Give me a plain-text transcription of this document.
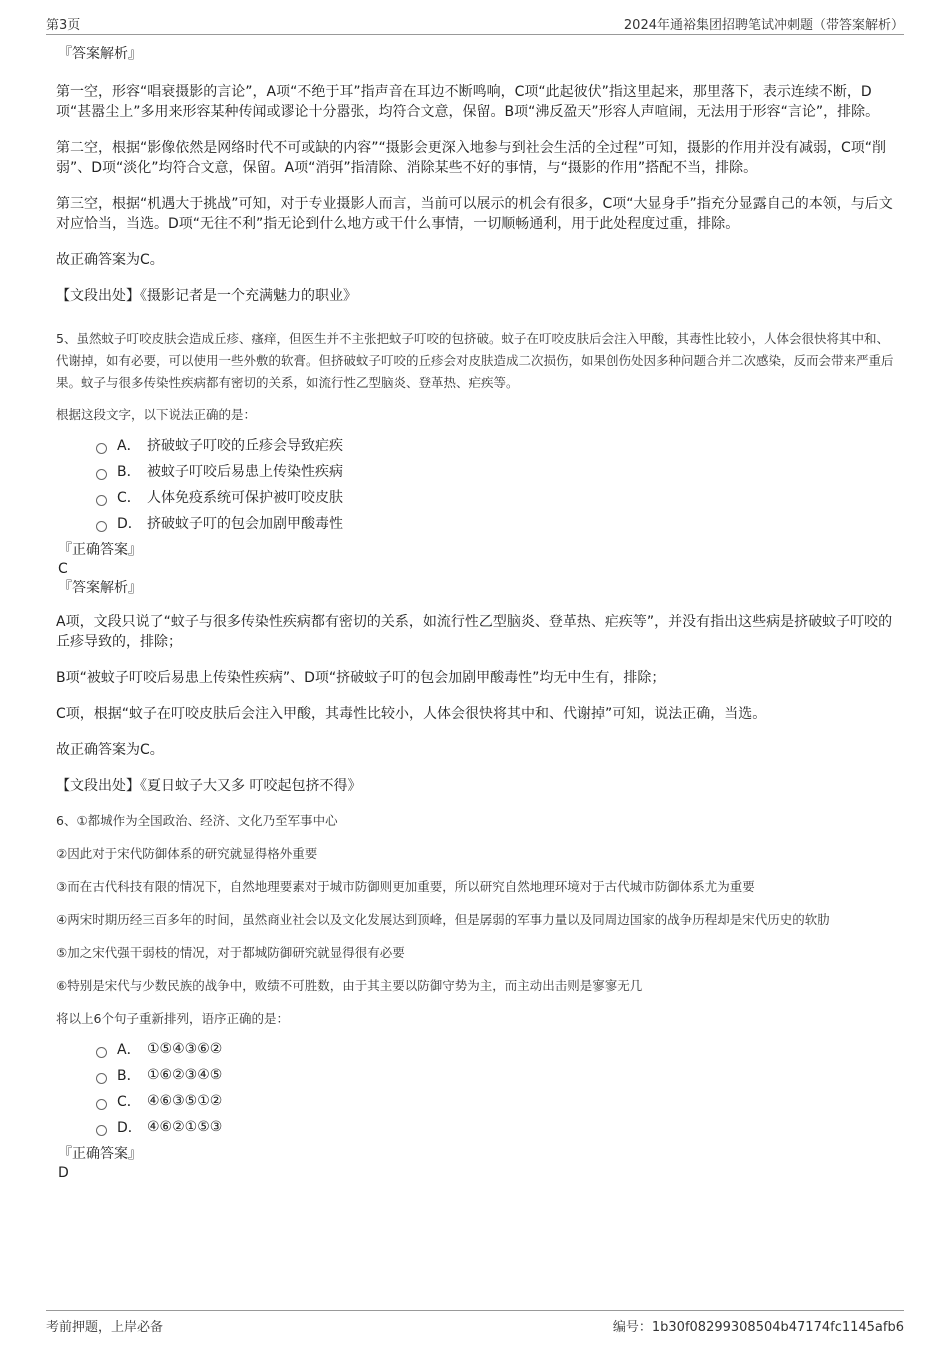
第3页	2024年通裕集团招聘笔试冲刺题（带答案解析）
『答案解析』

第一空，形容“唱衰摄影的言论”，A项“不绝于耳”指声音在耳边不断鸣响，C项“此起彼伏”指这里起来，那里落下，表示连续不断，D项“甚嚣尘上”多用来形容某种传闻或谬论十分嚣张，均符合文意，保留。B项“沸反盈天”形容人声喧闹，无法用于形容“言论”，排除。

第二空，根据“影像依然是网络时代不可或缺的内容”“摄影会更深入地参与到社会生活的全过程”可知，摄影的作用并没有减弱，C项“削弱”、D项“淡化”均符合文意，保留。A项“消弭”指清除、消除某些不好的事情，与“摄影的作用”搭配不当，排除。

第三空，根据“机遇大于挑战”可知，对于专业摄影人而言，当前可以展示的机会有很多，C项“大显身手”指充分显露自己的本领，与后文对应恰当，当选。D项“无往不利”指无论到什么地方或干什么事情，一切顺畅通利，用于此处程度过重，排除。

故正确答案为C。

【文段出处】《摄影记者是一个充满魅力的职业》

5、虽然蚊子叮咬皮肤会造成丘疹、瘙痒，但医生并不主张把蚊子叮咬的包挤破。蚊子在叮咬皮肤后会注入甲酸，其毒性比较小，人体会很快将其中和、代谢掉，如有必要，可以使用一些外敷的软膏。但挤破蚊子叮咬的丘疹会对皮肤造成二次损伤，如果创伤处因多种问题合并二次感染，反而会带来严重后果。蚊子与很多传染性疾病都有密切的关系，如流行性乙型脑炎、登革热、疟疾等。

根据这段文字，以下说法正确的是：

A． 挤破蚊子叮咬的丘疹会导致疟疾
B． 被蚊子叮咬后易患上传染性疾病
C． 人体免疫系统可保护被叮咬皮肤
D． 挤破蚊子叮的包会加剧甲酸毒性
『正确答案』
C
『答案解析』

A项，文段只说了“蚊子与很多传染性疾病都有密切的关系，如流行性乙型脑炎、登革热、疟疾等”，并没有指出这些病是挤破蚊子叮咬的丘疹导致的，排除；

B项“被蚊子叮咬后易患上传染性疾病”、D项“挤破蚊子叮的包会加剧甲酸毒性”均无中生有，排除；

C项，根据“蚊子在叮咬皮肤后会注入甲酸，其毒性比较小，人体会很快将其中和、代谢掉”可知，说法正确，当选。

故正确答案为C。

【文段出处】《夏日蚊子大又多 叮咬起包挤不得》

6、①都城作为全国政治、经济、文化乃至军事中心

②因此对于宋代防御体系的研究就显得格外重要

③而在古代科技有限的情况下，自然地理要素对于城市防御则更加重要，所以研究自然地理环境对于古代城市防御体系尤为重要

④两宋时期历经三百多年的时间，虽然商业社会以及文化发展达到顶峰，但是孱弱的军事力量以及同周边国家的战争历程却是宋代历史的软肋

⑤加之宋代强干弱枝的情况，对于都城防御研究就显得很有必要

⑥特别是宋代与少数民族的战争中，败绩不可胜数，由于其主要以防御守势为主，而主动出击则是寥寥无几

将以上6个句子重新排列，语序正确的是：

A． ①⑤④③⑥②
B． ①⑥②③④⑤
C． ④⑥③⑤①②
D． ④⑥②①⑤③
『正确答案』
D
考前押题，上岸必备	编号：1b30f08299308504b47174fc1145afb6
